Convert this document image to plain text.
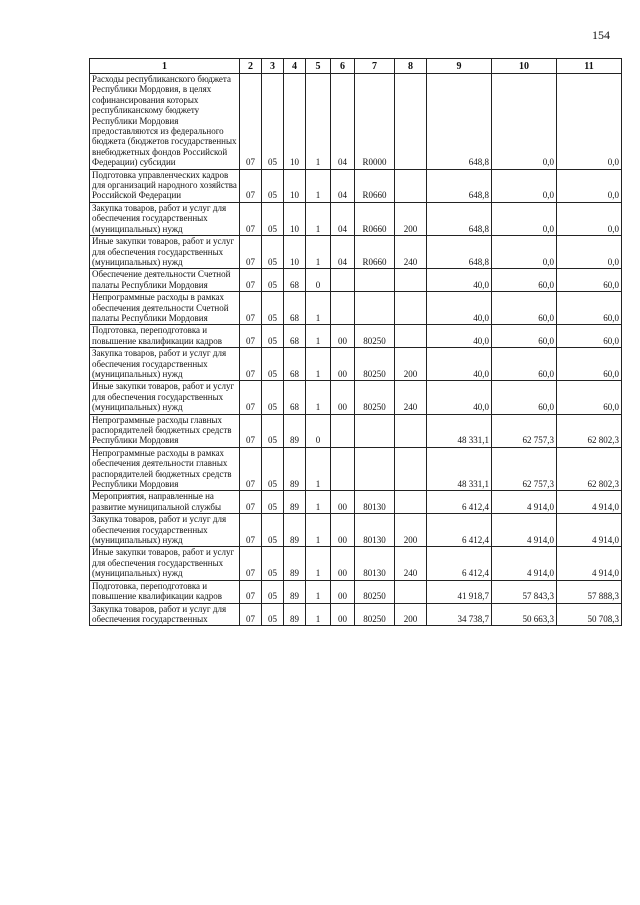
154
1	2	3	4	5	6	7	8	9	10	11
Расходы республиканского бюджета Республики Мордовия, в целях софинансирования которых республиканскому бюджету Республики Мордовия предоставляются из федерального бюджета (бюджетов государственных внебюджетных фондов Российской Федерации) субсидии	07	05	10	1	04	R0000		648,8	0,0	0,0
Подготовка управленческих кадров для организаций народного хозяйства Российской Федерации	07	05	10	1	04	R0660		648,8	0,0	0,0
Закупка товаров, работ и услуг для обеспечения государственных (муниципальных) нужд	07	05	10	1	04	R0660	200	648,8	0,0	0,0
Иные закупки товаров, работ и услуг для обеспечения государственных (муниципальных) нужд	07	05	10	1	04	R0660	240	648,8	0,0	0,0
Обеспечение деятельности Счетной палаты Республики Мордовия	07	05	68	0				40,0	60,0	60,0
Непрограммные расходы в рамках обеспечения деятельности Счетной палаты Республики Мордовия	07	05	68	1				40,0	60,0	60,0
Подготовка, переподготовка и повышение квалификации кадров	07	05	68	1	00	80250		40,0	60,0	60,0
Закупка товаров, работ и услуг для обеспечения государственных (муниципальных) нужд	07	05	68	1	00	80250	200	40,0	60,0	60,0
Иные закупки товаров, работ и услуг для обеспечения государственных (муниципальных) нужд	07	05	68	1	00	80250	240	40,0	60,0	60,0
Непрограммные расходы главных распорядителей бюджетных средств Республики Мордовия	07	05	89	0				48 331,1	62 757,3	62 802,3
Непрограммные расходы в рамках обеспечения деятельности главных распорядителей бюджетных средств Республики Мордовия	07	05	89	1				48 331,1	62 757,3	62 802,3
Мероприятия, направленные на развитие муниципальной службы	07	05	89	1	00	80130		6 412,4	4 914,0	4 914,0
Закупка товаров, работ и услуг для обеспечения государственных (муниципальных) нужд	07	05	89	1	00	80130	200	6 412,4	4 914,0	4 914,0
Иные закупки товаров, работ и услуг для обеспечения государственных (муниципальных) нужд	07	05	89	1	00	80130	240	6 412,4	4 914,0	4 914,0
Подготовка, переподготовка и повышение квалификации кадров	07	05	89	1	00	80250		41 918,7	57 843,3	57 888,3
Закупка товаров, работ и услуг для обеспечения государственных	07	05	89	1	00	80250	200	34 738,7	50 663,3	50 708,3
